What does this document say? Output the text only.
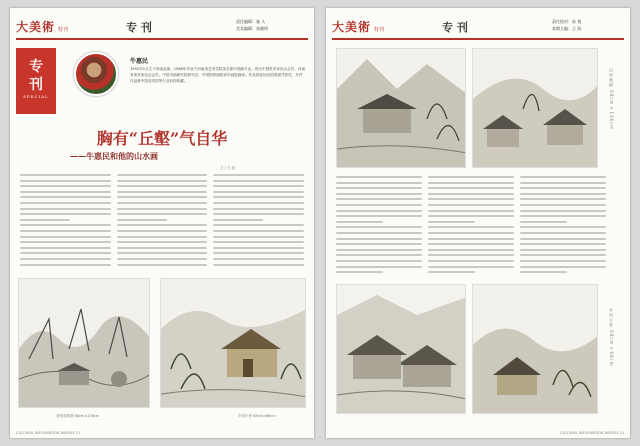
大美術 特刊	专 刊	责任编辑：秦 人
美术编辑：张晓明
专
刊
SPECIAL
牛惠民
1952年1月生于河南孟津。1986年毕业于河南省艺术学院美术系中国画专业。现为中国美术家协会会员、河南省美术家协会会员、中国书画研究院研究员、中国国家画院青年画院画家。作品曾参加全国美展并获奖，多件作品被中国美术馆等专业机构收藏。
胸有“丘壑”气自华
——牛惠民和他的山水画
文 / 王 清
老树昏鸦图 68cm×136cm	乡居小景 68cm×68cm
CULTURAL INFORMATION WEEKLY 13
大美術 特刊	专 刊	责任校对：孙 悦
本期主编：王 海
山居秋暝 68cm×136cm
乡村小景 68cm×68cm
CULTURAL INFORMATION WEEKLY 14
